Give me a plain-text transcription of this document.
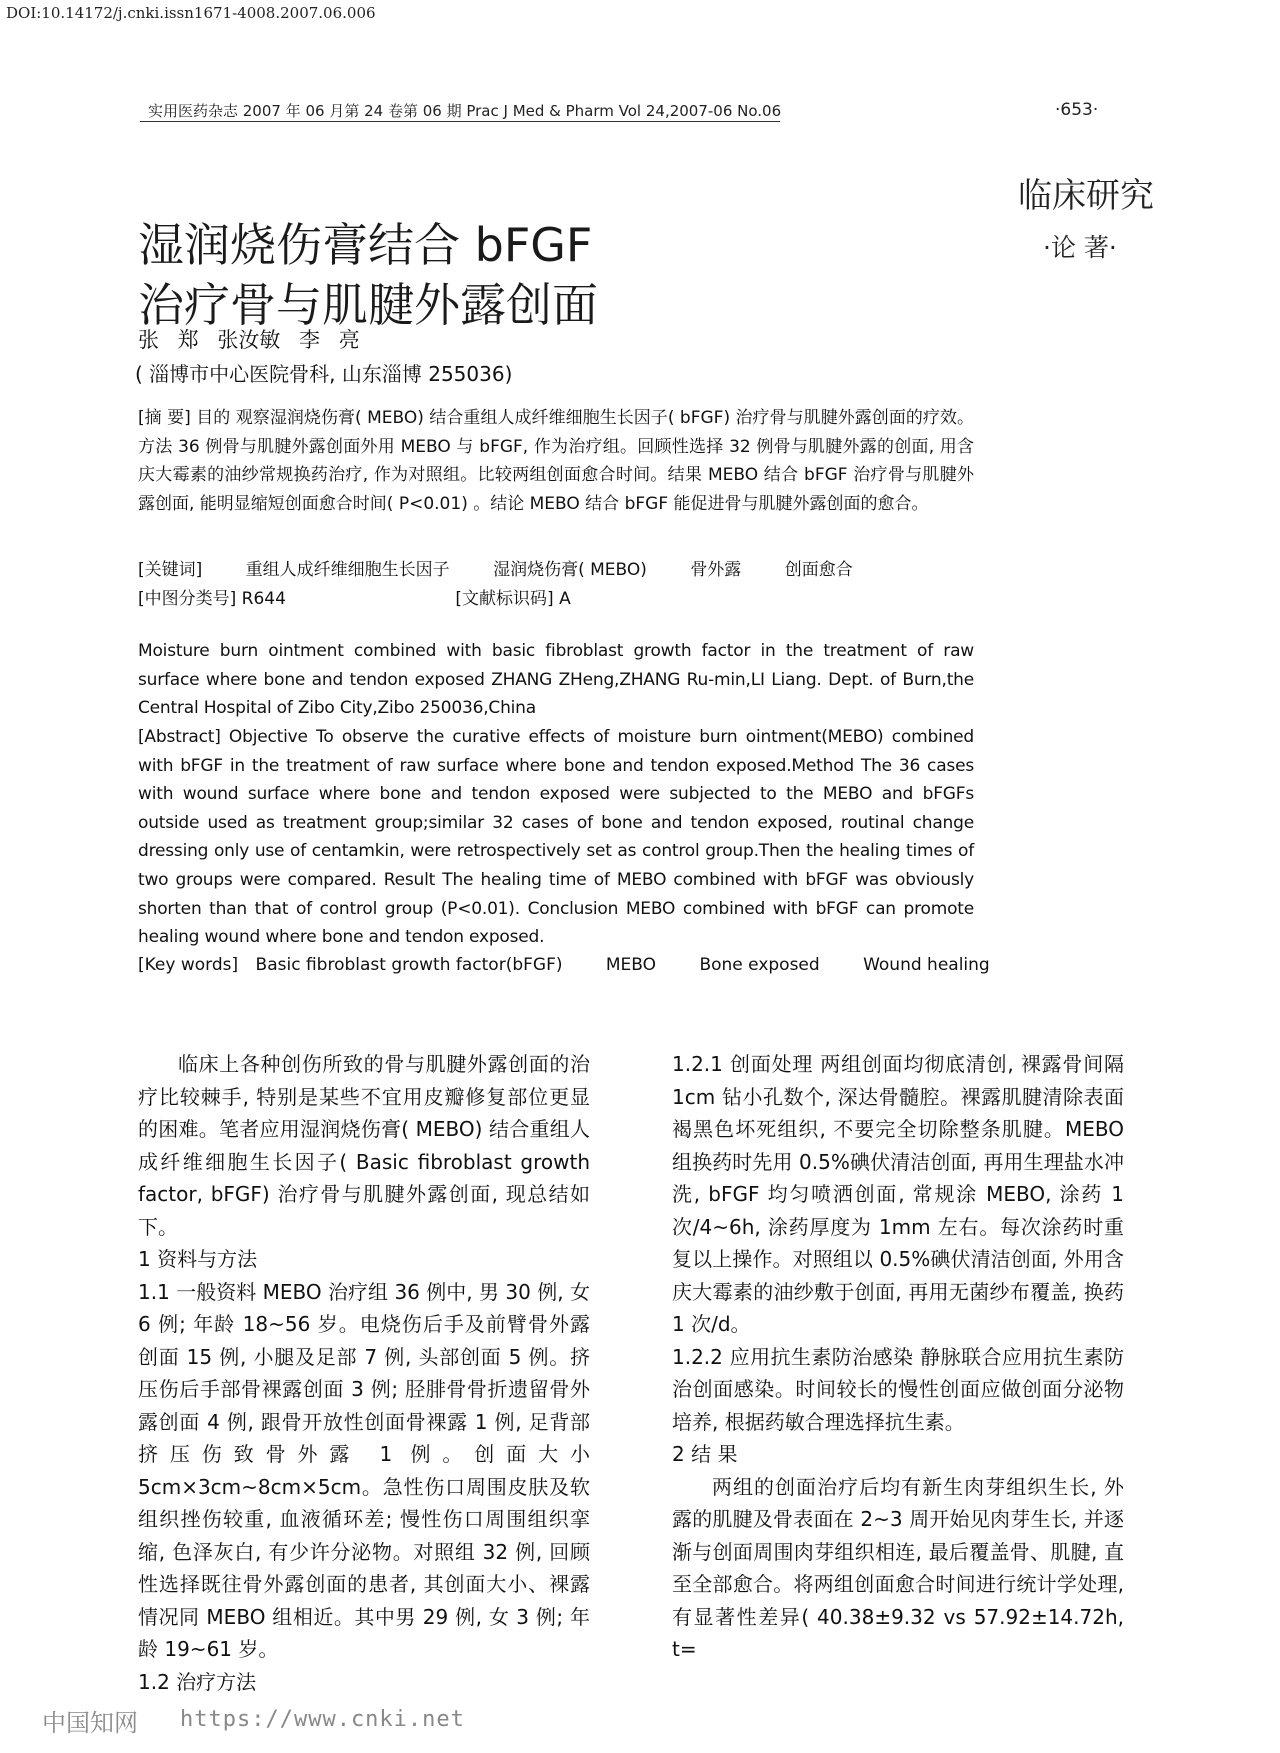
DOI:10.14172/j.cnki.issn1671-4008.2007.06.006
实用医药杂志 2007 年 06 月第 24 卷第 06 期 Prac J Med & Pharm Vol 24,2007-06 No.06	·653·
临床研究
·论 著·
湿润烧伤膏结合 bFGF
治疗骨与肌腱外露创面
张 郑 张汝敏 李 亮
( 淄博市中心医院骨科, 山东淄博 255036)
[摘 要] 目的 观察湿润烧伤膏( MEBO) 结合重组人成纤维细胞生长因子( bFGF) 治疗骨与肌腱外露创面的疗效。方法 36 例骨与肌腱外露创面外用 MEBO 与 bFGF, 作为治疗组。回顾性选择 32 例骨与肌腱外露的创面, 用含庆大霉素的油纱常规换药治疗, 作为对照组。比较两组创面愈合时间。结果 MEBO 结合 bFGF 治疗骨与肌腱外露创面, 能明显缩短创面愈合时间( P<0.01) 。结论 MEBO 结合 bFGF 能促进骨与肌腱外露创面的愈合。
[关键词]	重组人成纤维细胞生长因子	湿润烧伤膏( MEBO)	骨外露	创面愈合
[中图分类号] R644	[文献标识码] A
Moisture burn ointment combined with basic fibroblast growth factor in the treatment of raw surface where bone and tendon exposed ZHANG ZHeng,ZHANG Ru-min,LI Liang. Dept. of Burn,the Central Hospital of Zibo City,Zibo 250036,China
[Abstract] Objective To observe the curative effects of moisture burn ointment(MEBO) combined with bFGF in the treatment of raw surface where bone and tendon exposed.Method The 36 cases with wound surface where bone and tendon exposed were subjected to the MEBO and bFGFs outside used as treatment group;similar 32 cases of bone and tendon exposed, routinal change dressing only use of centamkin, were retrospectively set as control group.Then the healing times of two groups were compared. Result The healing time of MEBO combined with bFGF was obviously shorten than that of control group (P<0.01). Conclusion MEBO combined with bFGF can promote healing wound where bone and tendon exposed.
[Key words] Basic fibroblast growth factor(bFGF)	MEBO	Bone exposed	Wound healing

临床上各种创伤所致的骨与肌腱外露创面的治疗比较棘手, 特别是某些不宜用皮瓣修复部位更显的困难。笔者应用湿润烧伤膏( MEBO) 结合重组人成纤维细胞生长因子( Basic fibroblast growth factor, bFGF) 治疗骨与肌腱外露创面, 现总结如下。

1 资料与方法

1.1 一般资料 MEBO 治疗组 36 例中, 男 30 例, 女 6 例; 年龄 18~56 岁。电烧伤后手及前臂骨外露创面 15 例, 小腿及足部 7 例, 头部创面 5 例。挤压伤后手部骨裸露创面 3 例; 胫腓骨骨折遗留骨外露创面 4 例, 跟骨开放性创面骨裸露 1 例, 足背部挤压伤致骨外露 1 例。创面大小 5cm×3cm~8cm×5cm。急性伤口周围皮肤及软组织挫伤较重, 血液循环差; 慢性伤口周围组织挛缩, 色泽灰白, 有少许分泌物。对照组 32 例, 回顾性选择既往骨外露创面的患者, 其创面大小、裸露情况同 MEBO 组相近。其中男 29 例, 女 3 例; 年龄 19~61 岁。

1.2 治疗方法

1.2.1 创面处理 两组创面均彻底清创, 裸露骨间隔 1cm 钻小孔数个, 深达骨髓腔。裸露肌腱清除表面褐黑色坏死组织, 不要完全切除整条肌腱。MEBO 组换药时先用 0.5%碘伏清洁创面, 再用生理盐水冲洗, bFGF 均匀喷洒创面, 常规涂 MEBO, 涂药 1 次/4~6h, 涂药厚度为 1mm 左右。每次涂药时重复以上操作。对照组以 0.5%碘伏清洁创面, 外用含庆大霉素的油纱敷于创面, 再用无菌纱布覆盖, 换药 1 次/d。

1.2.2 应用抗生素防治感染 静脉联合应用抗生素防治创面感染。时间较长的慢性创面应做创面分泌物培养, 根据药敏合理选择抗生素。

2 结 果

两组的创面治疗后均有新生肉芽组织生长, 外露的肌腱及骨表面在 2~3 周开始见肉芽生长, 并逐渐与创面周围肉芽组织相连, 最后覆盖骨、肌腱, 直至全部愈合。将两组创面愈合时间进行统计学处理, 有显著性差异( 40.38±9.32 vs 57.92±14.72h, t=

中国知网 https://www.cnki.net
